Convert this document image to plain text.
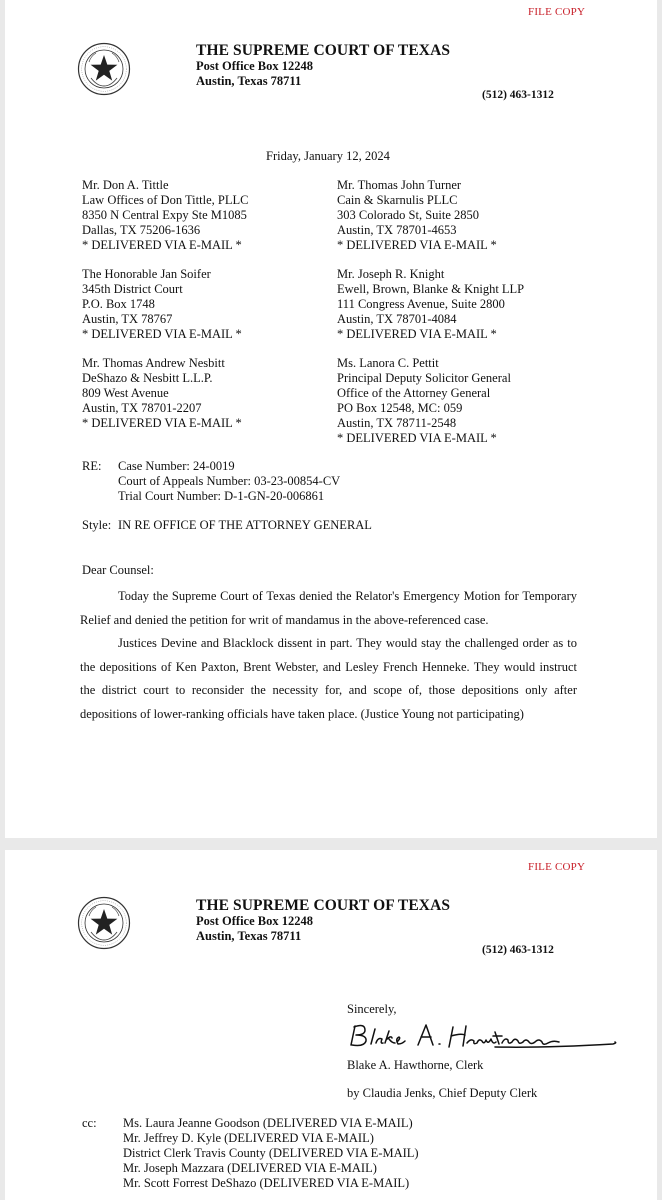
FILE COPY
THE SUPREME COURT OF TEXAS
Post Office Box 12248
Austin, Texas 78711
(512) 463-1312
Friday, January 12, 2024
Mr. Don A. Tittle
Law Offices of Don Tittle, PLLC
8350 N Central Expy Ste M1085
Dallas, TX 75206-1636
* DELIVERED VIA E-MAIL *
Mr. Thomas John Turner
Cain & Skarnulis PLLC
303 Colorado St, Suite 2850
Austin, TX 78701-4653
* DELIVERED VIA E-MAIL *
The Honorable Jan Soifer
345th District Court
P.O. Box 1748
Austin, TX 78767
* DELIVERED VIA E-MAIL *
Mr. Joseph R. Knight
Ewell, Brown, Blanke & Knight LLP
111 Congress Avenue, Suite 2800
Austin, TX 78701-4084
* DELIVERED VIA E-MAIL *
Mr. Thomas Andrew Nesbitt
DeShazo & Nesbitt L.L.P.
809 West Avenue
Austin, TX 78701-2207
* DELIVERED VIA E-MAIL *
Ms. Lanora C. Pettit
Principal Deputy Solicitor General
Office of the Attorney General
PO Box 12548, MC: 059
Austin, TX 78711-2548
* DELIVERED VIA E-MAIL *
RE: Case Number: 24-0019
Court of Appeals Number: 03-23-00854-CV
Trial Court Number: D-1-GN-20-006861
Style: IN RE OFFICE OF THE ATTORNEY GENERAL
Dear Counsel:
Today the Supreme Court of Texas denied the Relator's Emergency Motion for Temporary Relief and denied the petition for writ of mandamus in the above-referenced case.
Justices Devine and Blacklock dissent in part. They would stay the challenged order as to the depositions of Ken Paxton, Brent Webster, and Lesley French Henneke. They would instruct the district court to reconsider the necessity for, and scope of, those depositions only after depositions of lower-ranking officials have taken place. (Justice Young not participating)
FILE COPY
THE SUPREME COURT OF TEXAS
Post Office Box 12248
Austin, Texas 78711
(512) 463-1312
Sincerely,
Blake A. Hawthorne, Clerk
by Claudia Jenks, Chief Deputy Clerk
cc: Ms. Laura Jeanne Goodson (DELIVERED VIA E-MAIL)
Mr. Jeffrey D. Kyle (DELIVERED VIA E-MAIL)
District Clerk Travis County (DELIVERED VIA E-MAIL)
Mr. Joseph Mazzara (DELIVERED VIA E-MAIL)
Mr. Scott Forrest DeShazo (DELIVERED VIA E-MAIL)
